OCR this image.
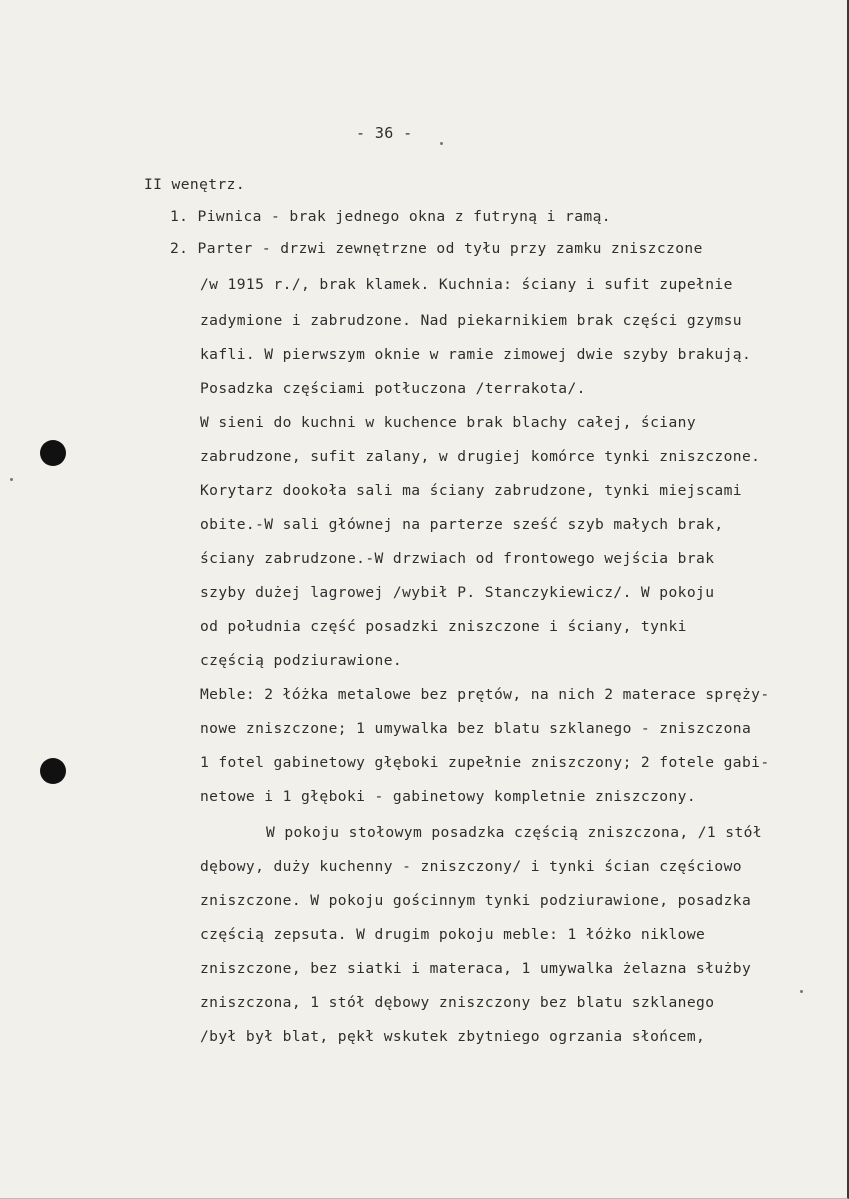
- 36 -

II wenętrz.

1. Piwnica - brak jednego okna z futryną i ramą.

2. Parter - drzwi zewnętrzne od tyłu przy zamku zniszczone

/w 1915 r./, brak klamek. Kuchnia: ściany i sufit zupełnie

zadymione i zabrudzone. Nad piekarnikiem brak części gzymsu

kafli. W pierwszym oknie w ramie zimowej dwie szyby brakują.

Posadzka częściami potłuczona /terrakota/.

W sieni do kuchni w kuchence brak blachy całej, ściany

zabrudzone, sufit zalany, w drugiej komórce tynki zniszczone.

Korytarz dookoła sali ma ściany zabrudzone, tynki miejscami

obite.-W sali głównej na parterze sześć szyb małych brak,

ściany zabrudzone.-W drzwiach od frontowego wejścia brak

szyby dużej lagrowej /wybił P. Stanczykiewicz/. W pokoju

od południa część posadzki zniszczone i ściany, tynki

częścią podziurawione.

Meble: 2 łóżka metalowe bez prętów, na nich 2 materace spręży-

nowe zniszczone; 1 umywalka bez blatu szklanego - zniszczona

1 fotel gabinetowy głęboki zupełnie zniszczony; 2 fotele gabi-

netowe i 1 głęboki - gabinetowy kompletnie zniszczony.

W pokoju stołowym posadzka częścią zniszczona, /1 stół

dębowy, duży kuchenny - zniszczony/ i tynki ścian częściowo

zniszczone. W pokoju gościnnym tynki podziurawione, posadzka

częścią zepsuta. W drugim pokoju meble: 1 łóżko niklowe

zniszczone, bez siatki i materaca, 1 umywalka żelazna służby

zniszczona, 1 stół dębowy zniszczony bez blatu szklanego

/był był blat, pękł wskutek zbytniego ogrzania słońcem,
